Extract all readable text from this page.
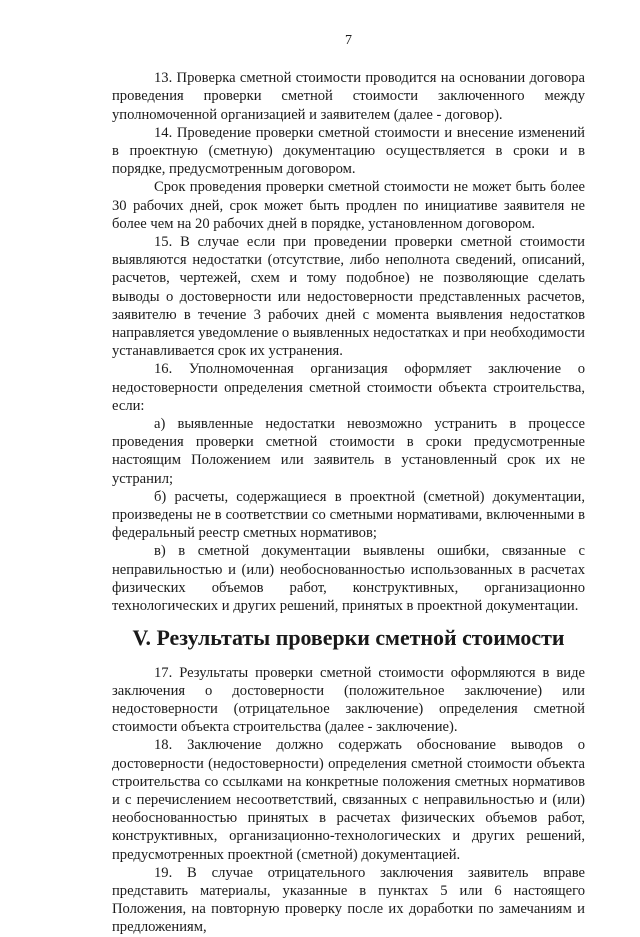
7

13. Проверка сметной стоимости проводится на основании договора проведения проверки сметной стоимости заключенного между уполномоченной организацией и заявителем (далее - договор).

14. Проведение проверки сметной стоимости и внесение изменений в проектную (сметную) документацию осуществляется в сроки и в порядке, предусмотренным договором.

Срок проведения проверки сметной стоимости не может быть более 30 рабочих дней, срок может быть продлен по инициативе заявителя не более чем на 20 рабочих дней в порядке, установленном договором.

15. В случае если при проведении проверки сметной стоимости выявляются недостатки (отсутствие, либо неполнота сведений, описаний, расчетов, чертежей, схем и тому подобное) не позволяющие сделать выводы о достоверности или недостоверности представленных расчетов, заявителю в течение 3 рабочих дней с момента выявления недостатков направляется уведомление о выявленных недостатках и при необходимости устанавливается срок их устранения.

16. Уполномоченная организация оформляет заключение о недостоверности определения сметной стоимости объекта строительства, если:

а) выявленные недостатки невозможно устранить в процессе проведения проверки сметной стоимости в сроки предусмотренные настоящим Положением или заявитель в установленный срок их не устранил;

б) расчеты, содержащиеся в проектной (сметной) документации, произведены не в соответствии со сметными нормативами, включенными в федеральный реестр сметных нормативов;

в) в сметной документации выявлены ошибки, связанные с неправильностью и (или) необоснованностью использованных в расчетах физических объемов работ, конструктивных, организационно технологических и других решений, принятых в проектной документации.

V. Результаты проверки сметной стоимости

17. Результаты проверки сметной стоимости оформляются в виде заключения о достоверности (положительное заключение) или недостоверности (отрицательное заключение) определения сметной стоимости объекта строительства (далее - заключение).

18. Заключение должно содержать обоснование выводов о достоверности (недостоверности) определения сметной стоимости объекта строительства со ссылками на конкретные положения сметных нормативов и с перечислением несоответствий, связанных с неправильностью и (или) необоснованностью принятых в расчетах физических объемов работ, конструктивных, организационно-технологических и других решений, предусмотренных проектной (сметной) документацией.

19. В случае отрицательного заключения заявитель вправе представить материалы, указанные в пунктах 5 или 6 настоящего Положения, на повторную проверку после их доработки по замечаниям и предложениям,
